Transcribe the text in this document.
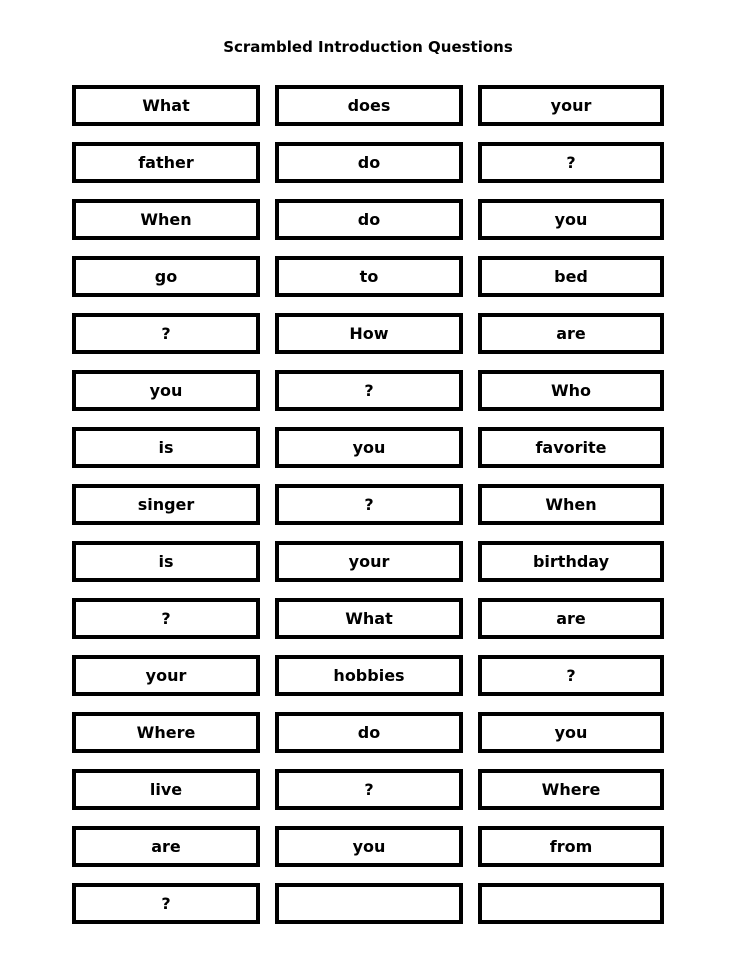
Scrambled Introduction Questions
What	does	your
father	do	?
When	do	you
go	to	bed
?	How	are
you	?	Who
is	you	favorite
singer	?	When
is	your	birthday
?	What	are
your	hobbies	?
Where	do	you
live	?	Where
are	you	from
?
